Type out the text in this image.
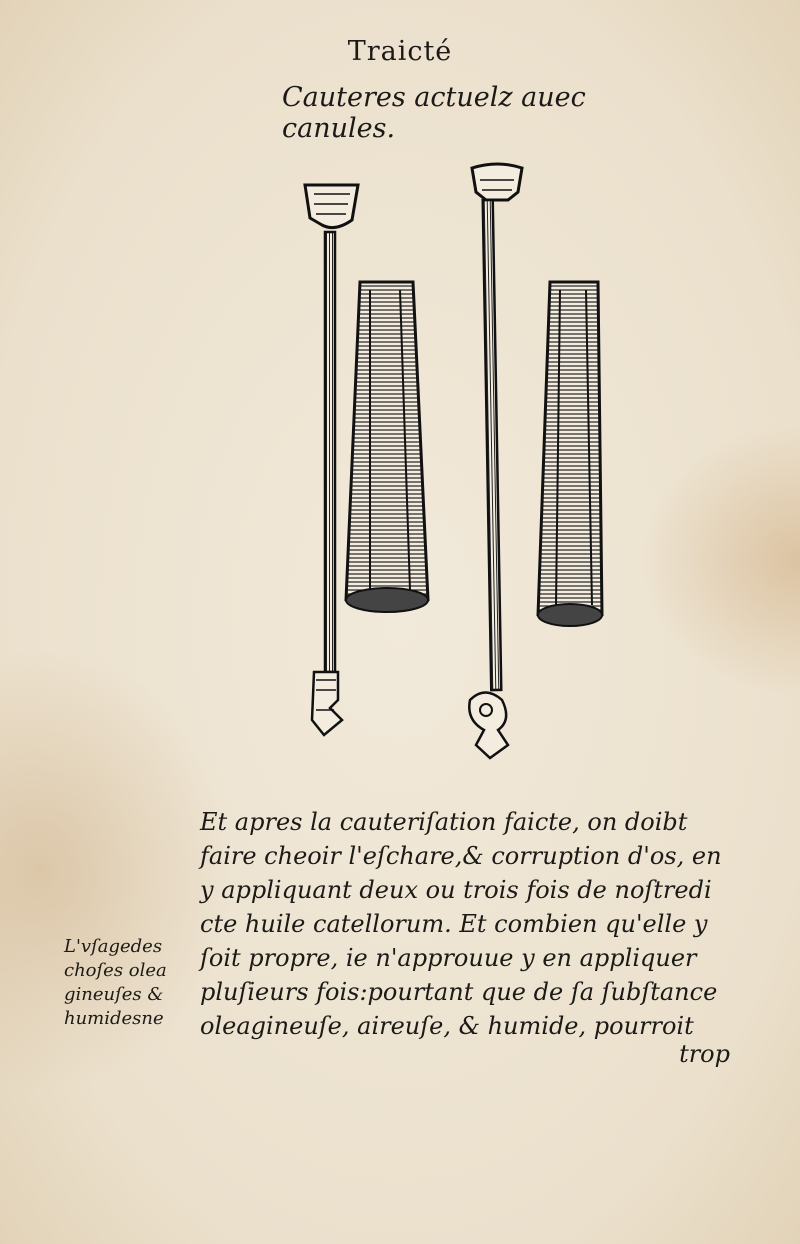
Traicté
Cauteres actuelz auec canules.
Et apres la cauteriſation faicte, on doibt
faire cheoir l'eſchare,& corruption d'os, en
y appliquant deux ou trois fois de noſtredi
cte huile catellorum. Et combien qu'elle y
ſoit propre, ie n'approuue y en appliquer
pluſieurs fois:pourtant que de ſa ſubſtance
oleagineuſe, aireuſe, & humide, pourroit
trop
L'vſagedes
choſes olea
gineuſes &
humidesne
